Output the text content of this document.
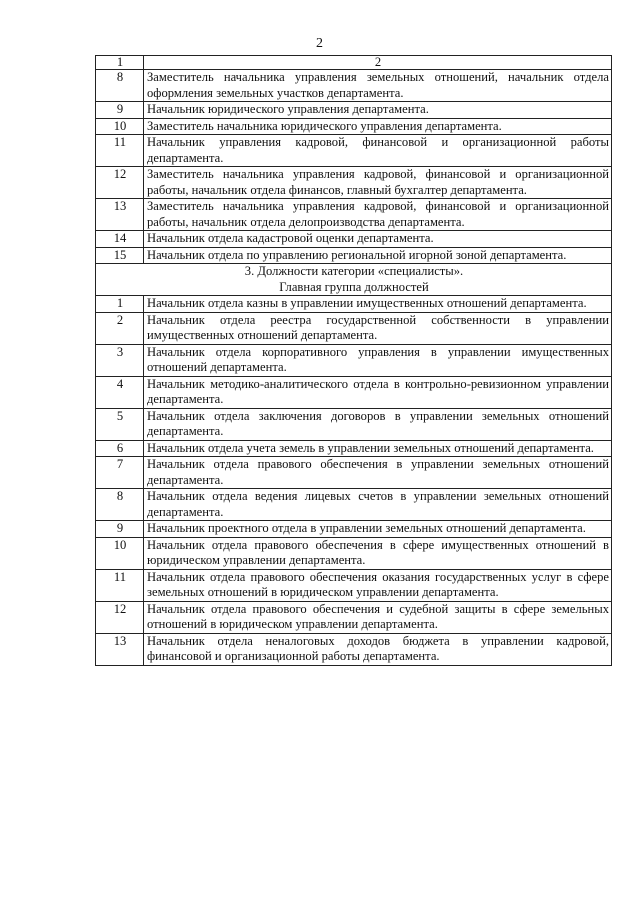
2
1	2
8	Заместитель начальника управления земельных отношений, начальник отдела оформления земельных участков департамента.
9	Начальник юридического управления департамента.
10	Заместитель начальника юридического управления департамента.
11	Начальник управления кадровой, финансовой и организационной работы департамента.
12	Заместитель начальника управления кадровой, финансовой и организационной работы, начальник отдела финансов, главный бухгалтер департамента.
13	Заместитель начальника управления кадровой, финансовой и организационной работы, начальник отдела делопроизводства департамента.
14	Начальник отдела кадастровой оценки департамента.
15	Начальник отдела по управлению региональной игорной зоной департамента.

3. Должности категории «специалисты».
Главная группа должностей	

1	Начальник отдела казны в управлении имущественных отношений департамента.
2	Начальник отдела реестра государственной собственности в управлении имущественных отношений департамента.
3	Начальник отдела корпоративного управления в управлении имущественных отношений департамента.
4	Начальник методико-аналитического отдела в контрольно-ревизионном управлении департамента.
5	Начальник отдела заключения договоров в управлении земельных отношений департамента.
6	Начальник отдела учета земель в управлении земельных отношений департамента.
7	Начальник отдела правового обеспечения в управлении земельных отношений департамента.
8	Начальник отдела ведения лицевых счетов в управлении земельных отношений департамента.
9	Начальник проектного отдела в управлении земельных отношений департамента.
10	Начальник отдела правового обеспечения в сфере имущественных отношений в юридическом управлении департамента.
11	Начальник отдела правового обеспечения оказания государственных услуг в сфере земельных отношений в юридическом управлении департамента.
12	Начальник отдела правового обеспечения и судебной защиты в сфере земельных отношений в юридическом управлении департамента.
13	Начальник отдела неналоговых доходов бюджета в управлении кадровой, финансовой и организационной работы департамента.
